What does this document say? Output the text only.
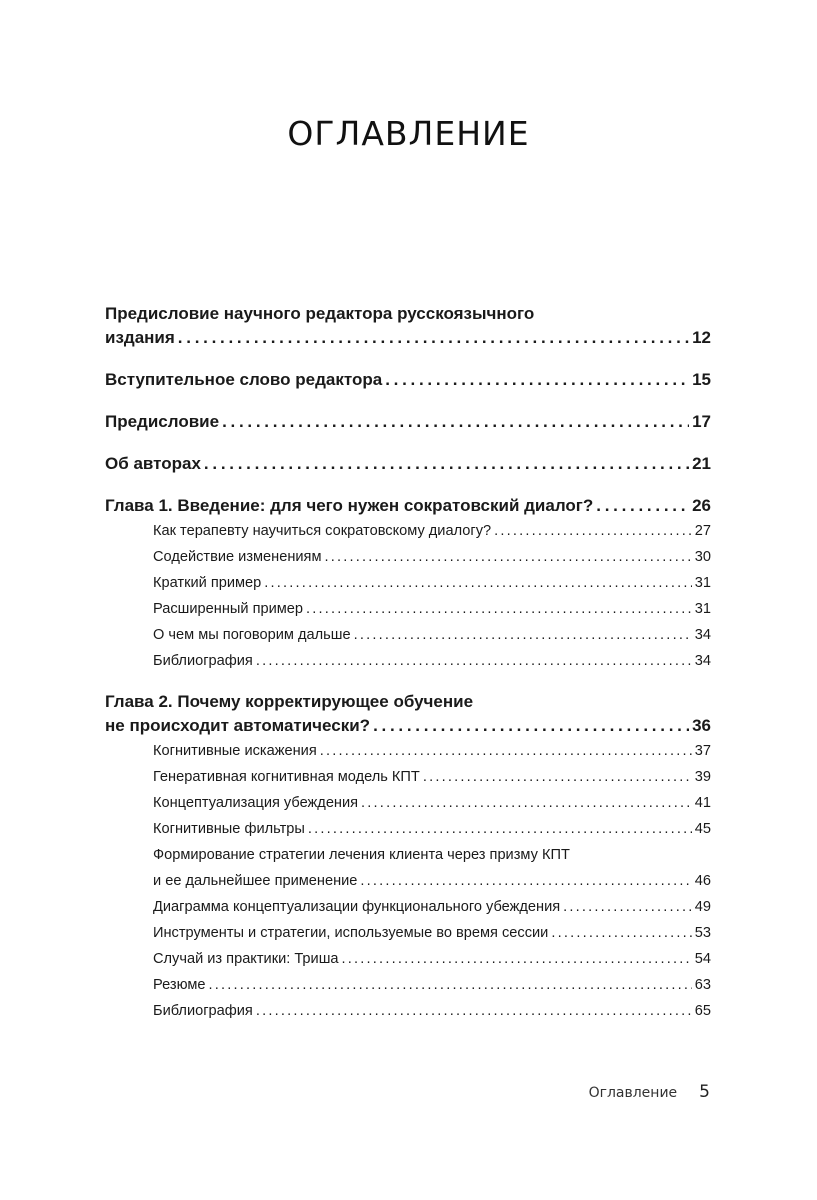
ОГЛАВЛЕНИЕ
Предисловие научного редактора русскоязычного
издания . . .	12
Вступительное слово редактора . . .	15
Предисловие . . .	17
Об авторах . . .	21
Глава 1. Введение: для чего нужен сократовский диалог? . . .	26
Как терапевту научиться сократовскому диалогу? .....	27
Содействие изменениям .....	30
Краткий пример .....	31
Расширенный пример .....	31
О чем мы поговорим дальше .....	34
Библиография .....	34
Глава 2. Почему корректирующее обучение
не происходит автоматически? . . .	36
Когнитивные искажения .....	37
Генеративная когнитивная модель КПТ .....	39
Концептуализация убеждения .....	41
Когнитивные фильтры .....	45
Формирование стратегии лечения клиента через призму КПТ
и ее дальнейшее применение .....	46
Диаграмма концептуализации функционального убеждения .....	49
Инструменты и стратегии, используемые во время сессии .....	53
Случай из практики: Триша .....	54
Резюме .....	63
Библиография .....	65
Оглавление 5
